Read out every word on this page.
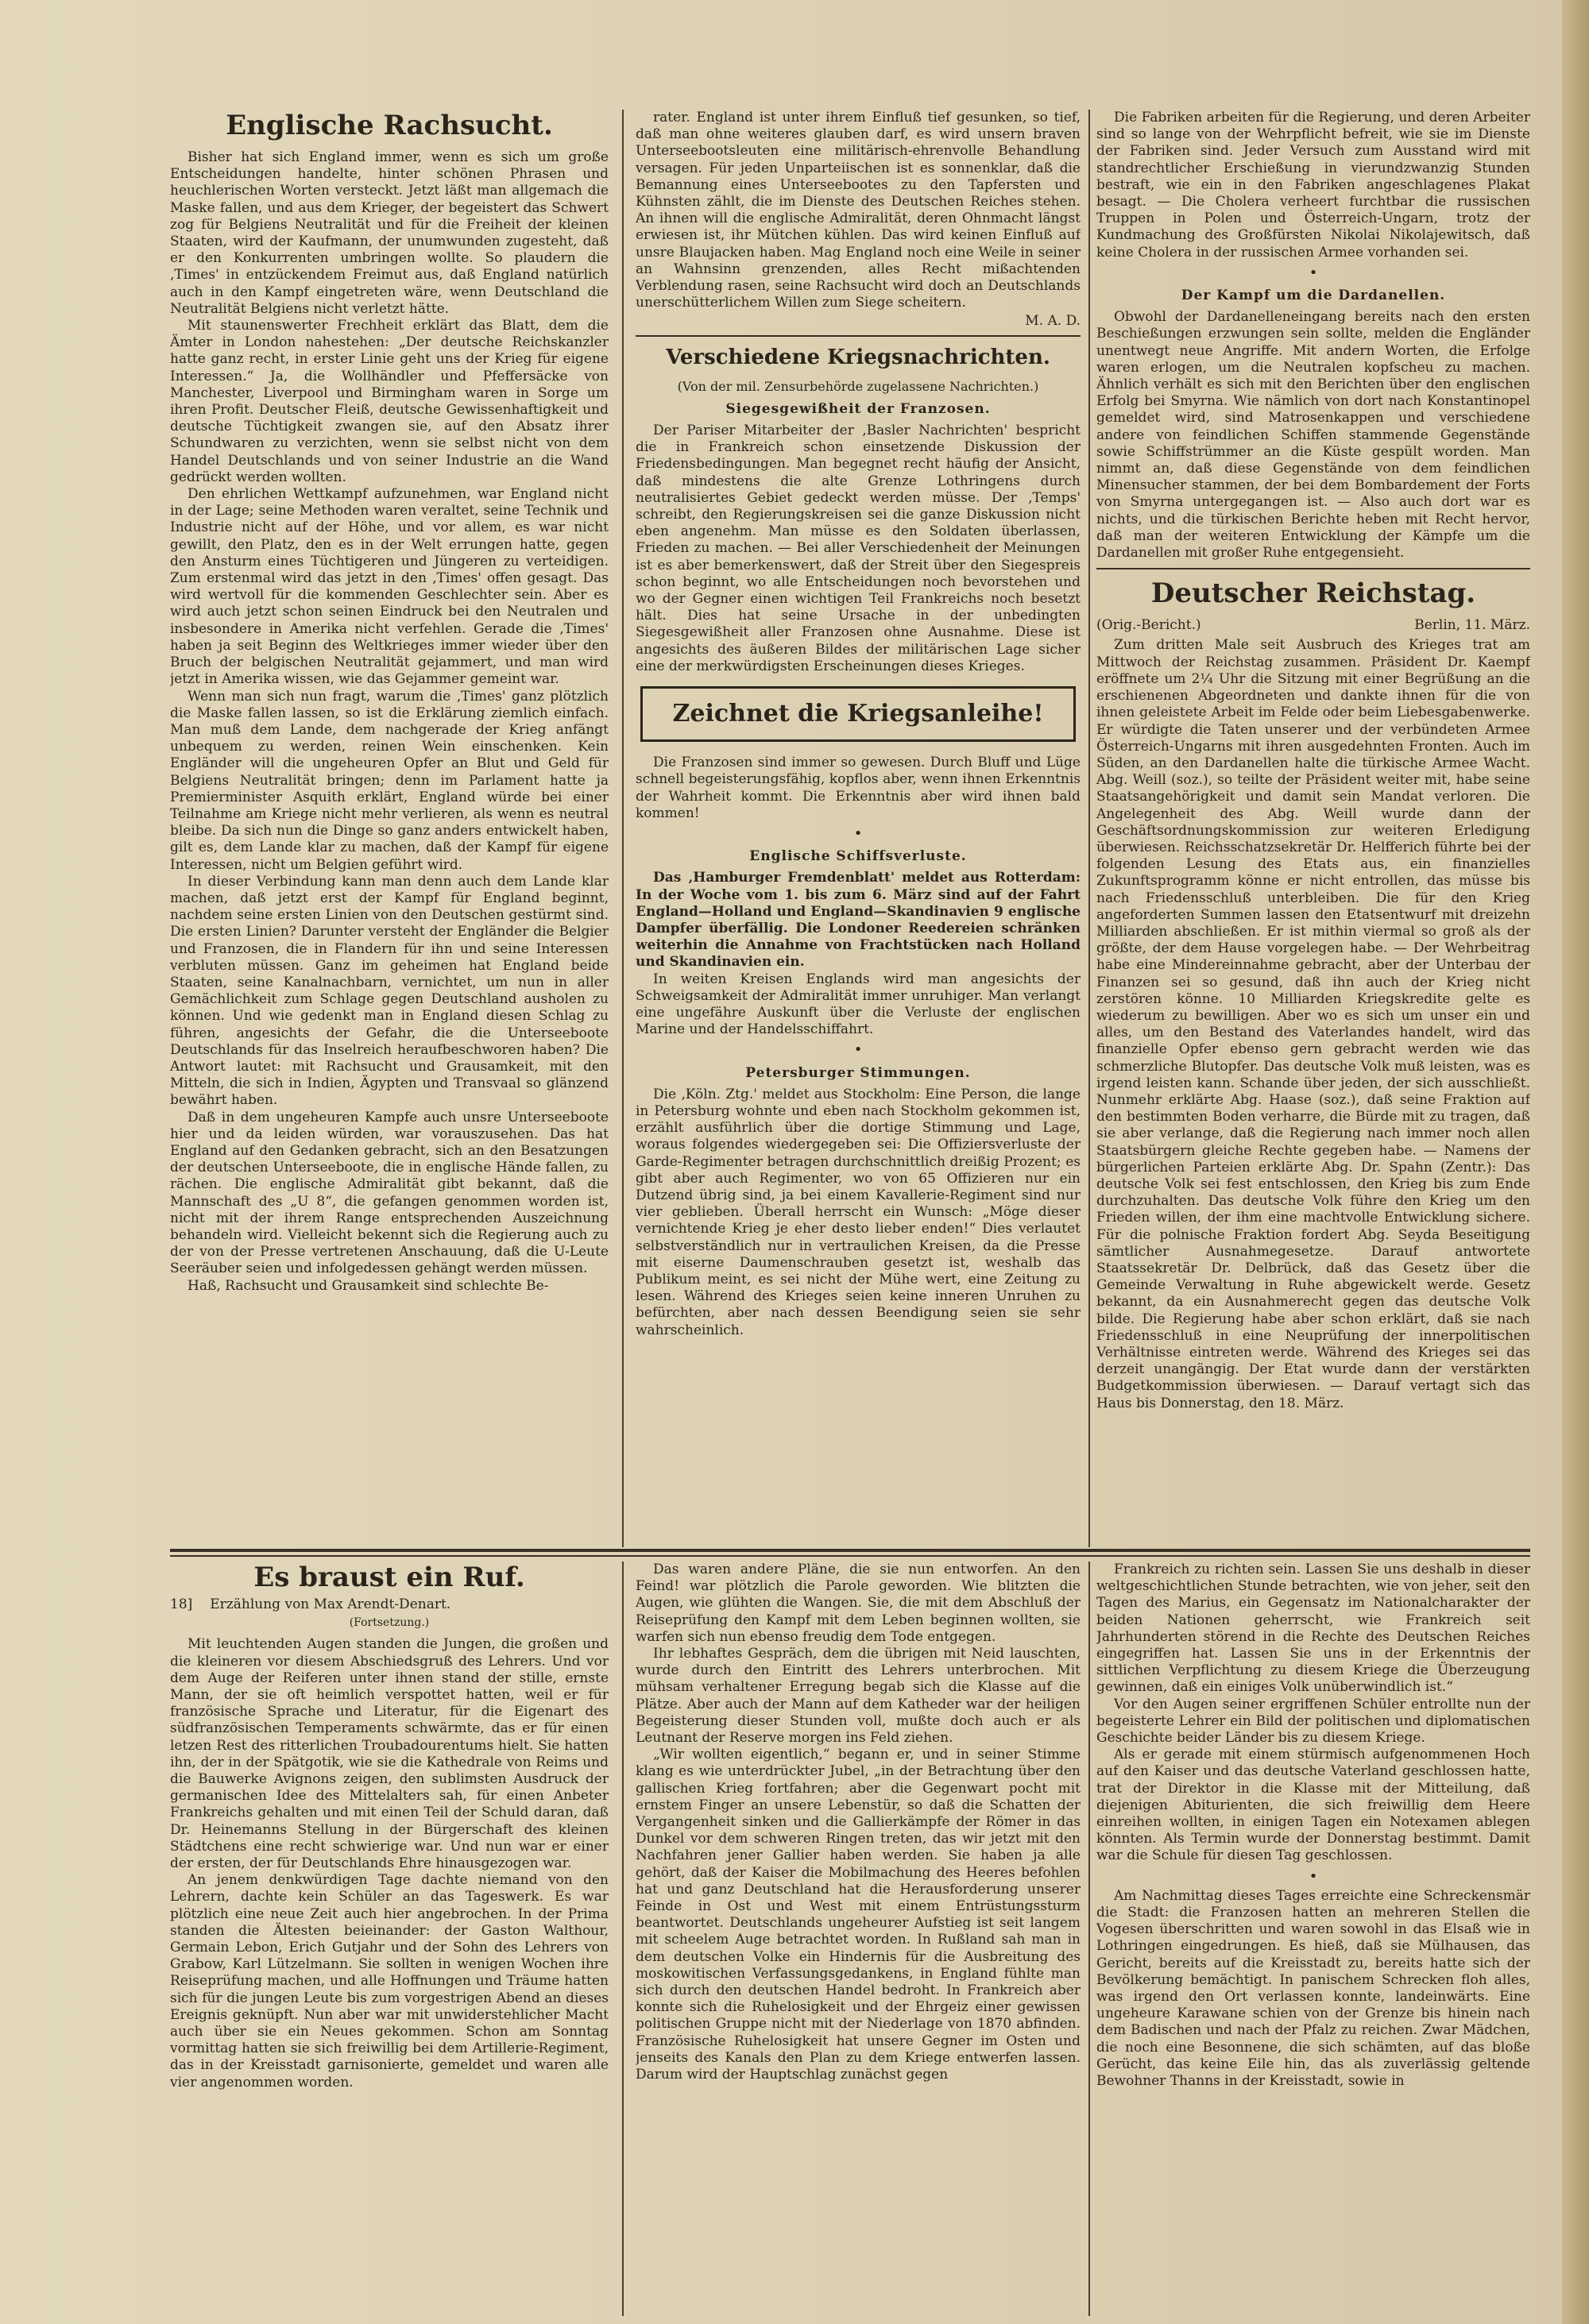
Englische Rachsucht.

Bisher hat sich England immer, wenn es sich um große Entscheidungen handelte, hinter schönen Phrasen und heuchlerischen Worten versteckt. Jetzt läßt man allgemach die Maske fallen, und aus dem Krieger, der begeistert das Schwert zog für Belgiens Neutralität und für die Freiheit der kleinen Staaten, wird der Kaufmann, der unumwunden zugesteht, daß er den Konkurrenten umbringen wollte. So plaudern die ‚Times' in entzückendem Freimut aus, daß England natürlich auch in den Kampf eingetreten wäre, wenn Deutschland die Neutralität Belgiens nicht verletzt hätte.

Mit staunenswerter Frechheit erklärt das Blatt, dem die Ämter in London nahestehen: „Der deutsche Reichskanzler hatte ganz recht, in erster Linie geht uns der Krieg für eigene Interessen.“ Ja, die Wollhändler und Pfeffersäcke von Manchester, Liverpool und Birmingham waren in Sorge um ihren Profit. Deutscher Fleiß, deutsche Gewissenhaftigkeit und deutsche Tüchtigkeit zwangen sie, auf den Absatz ihrer Schundwaren zu verzichten, wenn sie selbst nicht von dem Handel Deutschlands und von seiner Industrie an die Wand gedrückt werden wollten.

Den ehrlichen Wettkampf aufzunehmen, war England nicht in der Lage; seine Methoden waren veraltet, seine Technik und Industrie nicht auf der Höhe, und vor allem, es war nicht gewillt, den Platz, den es in der Welt errungen hatte, gegen den Ansturm eines Tüchtigeren und Jüngeren zu verteidigen. Zum erstenmal wird das jetzt in den ‚Times' offen gesagt. Das wird wertvoll für die kommenden Geschlechter sein. Aber es wird auch jetzt schon seinen Eindruck bei den Neutralen und insbesondere in Amerika nicht verfehlen. Gerade die ‚Times' haben ja seit Beginn des Weltkrieges immer wieder über den Bruch der belgischen Neutralität gejammert, und man wird jetzt in Amerika wissen, wie das Gejammer gemeint war.

Wenn man sich nun fragt, warum die ‚Times' ganz plötzlich die Maske fallen lassen, so ist die Erklärung ziemlich einfach. Man muß dem Lande, dem nachgerade der Krieg anfängt unbequem zu werden, reinen Wein einschenken. Kein Engländer will die ungeheuren Opfer an Blut und Geld für Belgiens Neutralität bringen; denn im Parlament hatte ja Premierminister Asquith erklärt, England würde bei einer Teilnahme am Kriege nicht mehr verlieren, als wenn es neutral bleibe. Da sich nun die Dinge so ganz anders entwickelt haben, gilt es, dem Lande klar zu machen, daß der Kampf für eigene Interessen, nicht um Belgien geführt wird.

In dieser Verbindung kann man denn auch dem Lande klar machen, daß jetzt erst der Kampf für England beginnt, nachdem seine ersten Linien von den Deutschen gestürmt sind. Die ersten Linien? Darunter versteht der Engländer die Belgier und Franzosen, die in Flandern für ihn und seine Interessen verbluten müssen. Ganz im geheimen hat England beide Staaten, seine Kanalnachbarn, vernichtet, um nun in aller Gemächlichkeit zum Schlage gegen Deutschland ausholen zu können. Und wie gedenkt man in England diesen Schlag zu führen, angesichts der Gefahr, die die Unterseeboote Deutschlands für das Inselreich heraufbeschworen haben? Die Antwort lautet: mit Rachsucht und Grausamkeit, mit den Mitteln, die sich in Indien, Ägypten und Transvaal so glänzend bewährt haben.

Daß in dem ungeheuren Kampfe auch unsre Unterseeboote hier und da leiden würden, war vorauszusehen. Das hat England auf den Gedanken gebracht, sich an den Besatzungen der deutschen Unterseeboote, die in englische Hände fallen, zu rächen. Die englische Admiralität gibt bekannt, daß die Mannschaft des „U 8“, die gefangen genommen worden ist, nicht mit der ihrem Range entsprechenden Auszeichnung behandeln wird. Vielleicht bekennt sich die Regierung auch zu der von der Presse vertretenen Anschauung, daß die U-Leute Seeräuber seien und infolgedessen gehängt werden müssen.

Haß, Rachsucht und Grausamkeit sind schlechte Be-

rater. England ist unter ihrem Einfluß tief gesunken, so tief, daß man ohne weiteres glauben darf, es wird unsern braven Unterseebootsleuten eine militärisch-ehrenvolle Behandlung versagen. Für jeden Unparteiischen ist es sonnenklar, daß die Bemannung eines Unterseebootes zu den Tapfersten und Kühnsten zählt, die im Dienste des Deutschen Reiches stehen. An ihnen will die englische Admiralität, deren Ohnmacht längst erwiesen ist, ihr Mütchen kühlen. Das wird keinen Einfluß auf unsre Blaujacken haben. Mag England noch eine Weile in seiner an Wahnsinn grenzenden, alles Recht mißachtenden Verblendung rasen, seine Rachsucht wird doch an Deutschlands unerschütterlichem Willen zum Siege scheitern.

M. A. D.
Verschiedene Kriegsnachrichten.
(Von der mil. Zensurbehörde zugelassene Nachrichten.)
Siegesgewißheit der Franzosen.

Der Pariser Mitarbeiter der ‚Basler Nachrichten' bespricht die in Frankreich schon einsetzende Diskussion der Friedensbedingungen. Man begegnet recht häufig der Ansicht, daß mindestens die alte Grenze Lothringens durch neutralisiertes Gebiet gedeckt werden müsse. Der ‚Temps' schreibt, den Regierungskreisen sei die ganze Diskussion nicht eben angenehm. Man müsse es den Soldaten überlassen, Frieden zu machen. — Bei aller Verschiedenheit der Meinungen ist es aber bemerkenswert, daß der Streit über den Siegespreis schon beginnt, wo alle Entscheidungen noch bevorstehen und wo der Gegner einen wichtigen Teil Frankreichs noch besetzt hält. Dies hat seine Ursache in der unbedingten Siegesgewißheit aller Franzosen ohne Ausnahme. Diese ist angesichts des äußeren Bildes der militärischen Lage sicher eine der merkwürdigsten Erscheinungen dieses Krieges.

Zeichnet die Kriegsanleihe!

Die Franzosen sind immer so gewesen. Durch Bluff und Lüge schnell begeisterungsfähig, kopflos aber, wenn ihnen Erkenntnis der Wahrheit kommt. Die Erkenntnis aber wird ihnen bald kommen!

•
Englische Schiffsverluste.

Das ‚Hamburger Fremdenblatt' meldet aus Rotterdam: In der Woche vom 1. bis zum 6. März sind auf der Fahrt England—Holland und England—Skandinavien 9 englische Dampfer überfällig. Die Londoner Reedereien schränken weiterhin die Annahme von Frachtstücken nach Holland und Skandinavien ein.

In weiten Kreisen Englands wird man angesichts der Schweigsamkeit der Admiralität immer unruhiger. Man verlangt eine ungefähre Auskunft über die Verluste der englischen Marine und der Handelsschiffahrt.

•
Petersburger Stimmungen.

Die ‚Köln. Ztg.' meldet aus Stockholm: Eine Person, die lange in Petersburg wohnte und eben nach Stockholm gekommen ist, erzählt ausführlich über die dortige Stimmung und Lage, woraus folgendes wiedergegeben sei: Die Offiziersverluste der Garde-Regimenter betragen durchschnittlich dreißig Prozent; es gibt aber auch Regimenter, wo von 65 Offizieren nur ein Dutzend übrig sind, ja bei einem Kavallerie-Regiment sind nur vier geblieben. Überall herrscht ein Wunsch: „Möge dieser vernichtende Krieg je eher desto lieber enden!“ Dies verlautet selbstverständlich nur in vertraulichen Kreisen, da die Presse mit eiserne Daumenschrauben gesetzt ist, weshalb das Publikum meint, es sei nicht der Mühe wert, eine Zeitung zu lesen. Während des Krieges seien keine inneren Unruhen zu befürchten, aber nach dessen Beendigung seien sie sehr wahrscheinlich.

Die Fabriken arbeiten für die Regierung, und deren Arbeiter sind so lange von der Wehrpflicht befreit, wie sie im Dienste der Fabriken sind. Jeder Versuch zum Ausstand wird mit standrechtlicher Erschießung in vierundzwanzig Stunden bestraft, wie ein in den Fabriken angeschlagenes Plakat besagt. — Die Cholera verheert furchtbar die russischen Truppen in Polen und Österreich-Ungarn, trotz der Kundmachung des Großfürsten Nikolai Nikolajewitsch, daß keine Cholera in der russischen Armee vorhanden sei.

•
Der Kampf um die Dardanellen.

Obwohl der Dardanelleneingang bereits nach den ersten Beschießungen erzwungen sein sollte, melden die Engländer unentwegt neue Angriffe. Mit andern Worten, die Erfolge waren erlogen, um die Neutralen kopfscheu zu machen. Ähnlich verhält es sich mit den Berichten über den englischen Erfolg bei Smyrna. Wie nämlich von dort nach Konstantinopel gemeldet wird, sind Matrosenkappen und verschiedene andere von feindlichen Schiffen stammende Gegenstände sowie Schiffstrümmer an die Küste gespült worden. Man nimmt an, daß diese Gegenstände von dem feindlichen Minensucher stammen, der bei dem Bombardement der Forts von Smyrna untergegangen ist. — Also auch dort war es nichts, und die türkischen Berichte heben mit Recht hervor, daß man der weiteren Entwicklung der Kämpfe um die Dardanellen mit großer Ruhe entgegensieht.

Deutscher Reichstag.
(Orig.-Bericht.)	Berlin, 11. März.

Zum dritten Male seit Ausbruch des Krieges trat am Mittwoch der Reichstag zusammen. Präsident Dr. Kaempf eröffnete um 2¼ Uhr die Sitzung mit einer Begrüßung an die erschienenen Abgeordneten und dankte ihnen für die von ihnen geleistete Arbeit im Felde oder beim Liebesgabenwerke. Er würdigte die Taten unserer und der verbündeten Armee Österreich-Ungarns mit ihren ausgedehnten Fronten. Auch im Süden, an den Dardanellen halte die türkische Armee Wacht. Abg. Weill (soz.), so teilte der Präsident weiter mit, habe seine Staatsangehörigkeit und damit sein Mandat verloren. Die Angelegenheit des Abg. Weill wurde dann der Geschäftsordnungskommission zur weiteren Erledigung überwiesen. Reichsschatzsekretär Dr. Helfferich führte bei der folgenden Lesung des Etats aus, ein finanzielles Zukunftsprogramm könne er nicht entrollen, das müsse bis nach Friedensschluß unterbleiben. Die für den Krieg angeforderten Summen lassen den Etatsentwurf mit dreizehn Milliarden abschließen. Er ist mithin viermal so groß als der größte, der dem Hause vorgelegen habe. — Der Wehrbeitrag habe eine Mindereinnahme gebracht, aber der Unterbau der Finanzen sei so gesund, daß ihn auch der Krieg nicht zerstören könne. 10 Milliarden Kriegskredite gelte es wiederum zu bewilligen. Aber wo es sich um unser ein und alles, um den Bestand des Vaterlandes handelt, wird das finanzielle Opfer ebenso gern gebracht werden wie das schmerzliche Blutopfer. Das deutsche Volk muß leisten, was es irgend leisten kann. Schande über jeden, der sich ausschließt. Nunmehr erklärte Abg. Haase (soz.), daß seine Fraktion auf den bestimmten Boden verharre, die Bürde mit zu tragen, daß sie aber verlange, daß die Regierung nach immer noch allen Staatsbürgern gleiche Rechte gegeben habe. — Namens der bürgerlichen Parteien erklärte Abg. Dr. Spahn (Zentr.): Das deutsche Volk sei fest entschlossen, den Krieg bis zum Ende durchzuhalten. Das deutsche Volk führe den Krieg um den Frieden willen, der ihm eine machtvolle Entwicklung sichere. Für die polnische Fraktion fordert Abg. Seyda Beseitigung sämtlicher Ausnahmegesetze. Darauf antwortete Staatssekretär Dr. Delbrück, daß das Gesetz über die Gemeinde Verwaltung in Ruhe abgewickelt werde. Gesetz bekannt, da ein Ausnahmerecht gegen das deutsche Volk bilde. Die Regierung habe aber schon erklärt, daß sie nach Friedensschluß in eine Neuprüfung der innerpolitischen Verhältnisse eintreten werde. Während des Krieges sei das derzeit unangängig. Der Etat wurde dann der verstärkten Budgetkommission überwiesen. — Darauf vertagt sich das Haus bis Donnerstag, den 18. März.

Es braust ein Ruf.
18] Erzählung von Max Arendt-Denart.
(Fortsetzung.)

Mit leuchtenden Augen standen die Jungen, die großen und die kleineren vor diesem Abschiedsgruß des Lehrers. Und vor dem Auge der Reiferen unter ihnen stand der stille, ernste Mann, der sie oft heimlich verspottet hatten, weil er für französische Sprache und Literatur, für die Eigenart des südfranzösischen Temperaments schwärmte, das er für einen letzen Rest des ritterlichen Troubadourentums hielt. Sie hatten ihn, der in der Spätgotik, wie sie die Kathedrale von Reims und die Bauwerke Avignons zeigen, den sublimsten Ausdruck der germanischen Idee des Mittelalters sah, für einen Anbeter Frankreichs gehalten und mit einen Teil der Schuld daran, daß Dr. Heinemanns Stellung in der Bürgerschaft des kleinen Städtchens eine recht schwierige war. Und nun war er einer der ersten, der für Deutschlands Ehre hinausgezogen war.

An jenem denkwürdigen Tage dachte niemand von den Lehrern, dachte kein Schüler an das Tageswerk. Es war plötzlich eine neue Zeit auch hier angebrochen. In der Prima standen die Ältesten beieinander: der Gaston Walthour, Germain Lebon, Erich Gutjahr und der Sohn des Lehrers von Grabow, Karl Lützelmann. Sie sollten in wenigen Wochen ihre Reiseprüfung machen, und alle Hoffnungen und Träume hatten sich für die jungen Leute bis zum vorgestrigen Abend an dieses Ereignis geknüpft. Nun aber war mit unwiderstehlicher Macht auch über sie ein Neues gekommen. Schon am Sonntag vormittag hatten sie sich freiwillig bei dem Artillerie-Regiment, das in der Kreisstadt garnisonierte, gemeldet und waren alle vier angenommen worden.

Das waren andere Pläne, die sie nun entworfen. An den Feind! war plötzlich die Parole geworden. Wie blitzten die Augen, wie glühten die Wangen. Sie, die mit dem Abschluß der Reiseprüfung den Kampf mit dem Leben beginnen wollten, sie warfen sich nun ebenso freudig dem Tode entgegen.

Ihr lebhaftes Gespräch, dem die übrigen mit Neid lauschten, wurde durch den Eintritt des Lehrers unterbrochen. Mit mühsam verhaltener Erregung begab sich die Klasse auf die Plätze. Aber auch der Mann auf dem Katheder war der heiligen Begeisterung dieser Stunden voll, mußte doch auch er als Leutnant der Reserve morgen ins Feld ziehen.

„Wir wollten eigentlich,“ begann er, und in seiner Stimme klang es wie unterdrückter Jubel, „in der Betrachtung über den gallischen Krieg fortfahren; aber die Gegenwart pocht mit ernstem Finger an unsere Lebenstür, so daß die Schatten der Vergangenheit sinken und die Gallierkämpfe der Römer in das Dunkel vor dem schweren Ringen treten, das wir jetzt mit den Nachfahren jener Gallier haben werden. Sie haben ja alle gehört, daß der Kaiser die Mobilmachung des Heeres befohlen hat und ganz Deutschland hat die Herausforderung unserer Feinde in Ost und West mit einem Entrüstungssturm beantwortet. Deutschlands ungeheurer Aufstieg ist seit langem mit scheelem Auge betrachtet worden. In Rußland sah man in dem deutschen Volke ein Hindernis für die Ausbreitung des moskowitischen Verfassungsgedankens, in England fühlte man sich durch den deutschen Handel bedroht. In Frankreich aber konnte sich die Ruhelosigkeit und der Ehrgeiz einer gewissen politischen Gruppe nicht mit der Niederlage von 1870 abfinden. Französische Ruhelosigkeit hat unsere Gegner im Osten und jenseits des Kanals den Plan zu dem Kriege entwerfen lassen. Darum wird der Hauptschlag zunächst gegen

Frankreich zu richten sein. Lassen Sie uns deshalb in dieser weltgeschichtlichen Stunde betrachten, wie von jeher, seit den Tagen des Marius, ein Gegensatz im Nationalcharakter der beiden Nationen geherrscht, wie Frankreich seit Jahrhunderten störend in die Rechte des Deutschen Reiches eingegriffen hat. Lassen Sie uns in der Erkenntnis der sittlichen Verpflichtung zu diesem Kriege die Überzeugung gewinnen, daß ein einiges Volk unüberwindlich ist.“

Vor den Augen seiner ergriffenen Schüler entrollte nun der begeisterte Lehrer ein Bild der politischen und diplomatischen Geschichte beider Länder bis zu diesem Kriege.

Als er gerade mit einem stürmisch aufgenommenen Hoch auf den Kaiser und das deutsche Vaterland geschlossen hatte, trat der Direktor in die Klasse mit der Mitteilung, daß diejenigen Abiturienten, die sich freiwillig dem Heere einreihen wollten, in einigen Tagen ein Notexamen ablegen könnten. Als Termin wurde der Donnerstag bestimmt. Damit war die Schule für diesen Tag geschlossen.

•

Am Nachmittag dieses Tages erreichte eine Schreckensmär die Stadt: die Franzosen hatten an mehreren Stellen die Vogesen überschritten und waren sowohl in das Elsaß wie in Lothringen eingedrungen. Es hieß, daß sie Mülhausen, das Gericht, bereits auf die Kreisstadt zu, bereits hatte sich der Bevölkerung bemächtigt. In panischem Schrecken floh alles, was irgend den Ort verlassen konnte, landeinwärts. Eine ungeheure Karawane schien von der Grenze bis hinein nach dem Badischen und nach der Pfalz zu reichen. Zwar Mädchen, die noch eine Besonnene, die sich schämten, auf das bloße Gerücht, das keine Eile hin, das als zuverlässig geltende Bewohner Thanns in der Kreisstadt, sowie in
